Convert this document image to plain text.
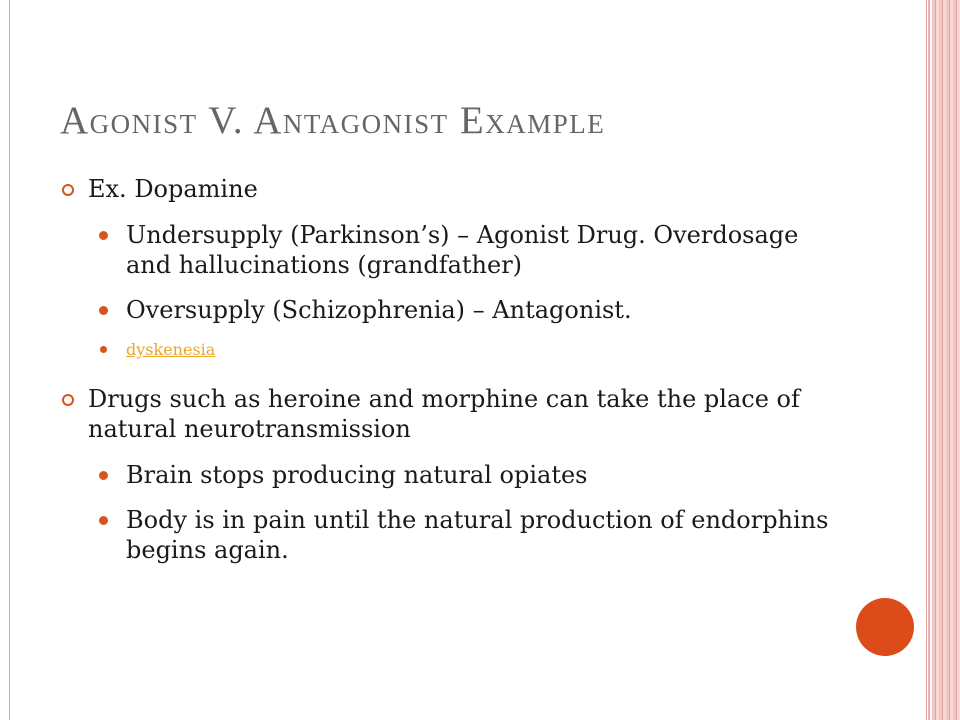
Agonist V. Antagonist Example
Ex. Dopamine
Undersupply (Parkinson’s) – Agonist Drug. Overdosage and hallucinations (grandfather)
Oversupply (Schizophrenia) – Antagonist.
dyskenesia
Drugs such as heroine and morphine can take the place of natural neurotransmission
Brain stops producing natural opiates
Body is in pain until the natural production of endorphins begins again.
